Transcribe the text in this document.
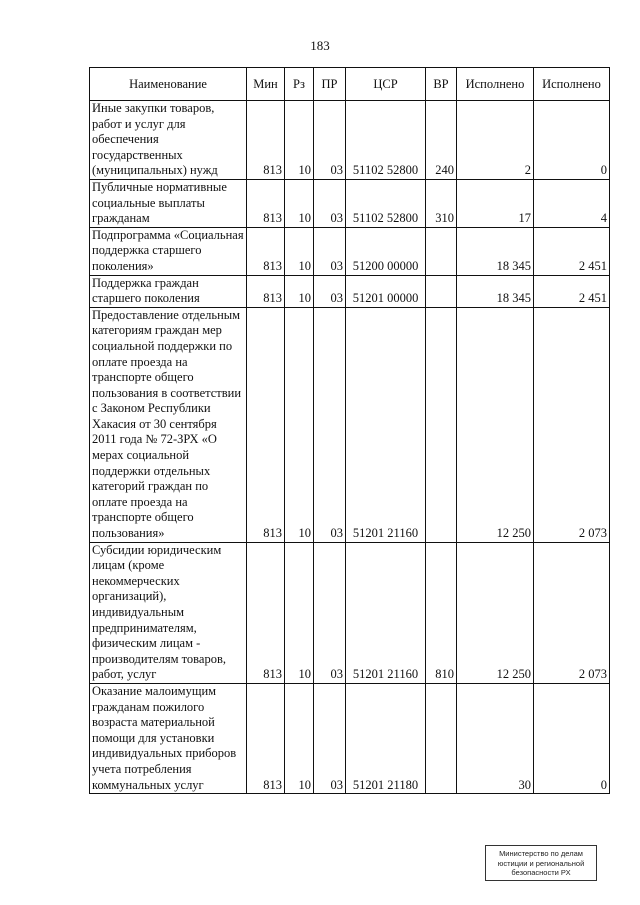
183
Наименование	Мин	Рз	ПР	ЦСР	ВР	Исполнено	Исполнено
Иные закупки товаров, работ и услуг для обеспечения государственных (муниципальных) нужд	813	10	03	51102 52800	240	2	0
Публичные нормативные социальные выплаты гражданам	813	10	03	51102 52800	310	17	4
Подпрограмма «Социальная поддержка старшего поколения»	813	10	03	51200 00000		18 345	2 451
Поддержка граждан старшего поколения	813	10	03	51201 00000		18 345	2 451
Предоставление отдельным категориям граждан мер социальной поддержки по оплате проезда на транспорте общего пользования в соответствии с Законом Республики Хакасия от 30 сентября 2011 года № 72-ЗРХ «О мерах социальной поддержки отдельных категорий граждан по оплате проезда на транспорте общего пользования»	813	10	03	51201 21160		12 250	2 073
Субсидии юридическим лицам (кроме некоммерческих организаций), индивидуальным предпринимателям, физическим лицам - производителям товаров, работ, услуг	813	10	03	51201 21160	810	12 250	2 073
Оказание малоимущим гражданам пожилого возраста материальной помощи для установки индивидуальных приборов учета потребления коммунальных услуг	813	10	03	51201 21180		30	0
Министерство по делам
юстиции и региональной
безопасности РХ
